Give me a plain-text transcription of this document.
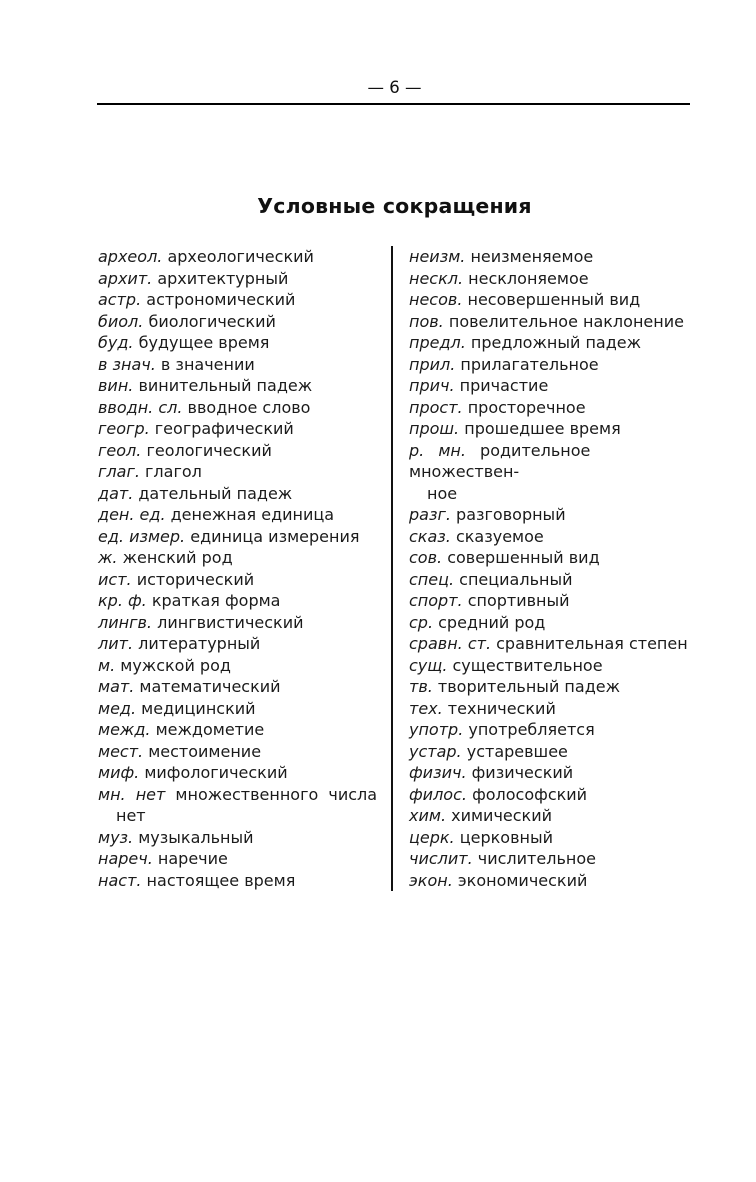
— 6 —
Условные сокращения
археол. археологический
архит. архитектурный
астр. астрономический
биол. биологический
буд. будущее время
в знач. в значении
вин. винительный падеж
вводн. сл. вводное слово
геогр. географический
геол. геологический
глаг. глагол
дат. дательный падеж
ден. ед. денежная единица
ед. измер. единица измерения
ж. женский род
ист. исторический
кр. ф. краткая форма
лингв. лингвистический
лит. литературный
м. мужской род
мат. математический
мед. медицинский
межд. междометие
мест. местоимение
миф. мифологический
мн. нет множественного числа
нет
муз. музыкальный
нареч. наречие
наст. настоящее время
неизм. неизменяемое
нескл. несклоняемое
несов. несовершенный вид
пов. повелительное наклонение
предл. предложный падеж
прил. прилагательное
прич. причастие
прост. просторечное
прош. прошедшее время
р. мн. родительное множествен-
ное
разг. разговорный
сказ. сказуемое
сов. совершенный вид
спец. специальный
спорт. спортивный
ср. средний род
сравн. ст. сравнительная степен
сущ. существительное
тв. творительный падеж
тех. технический
употр. употребляется
устар. устаревшее
физич. физический
филос. фолософский
хим. химический
церк. церковный
числит. числительное
экон. экономический
